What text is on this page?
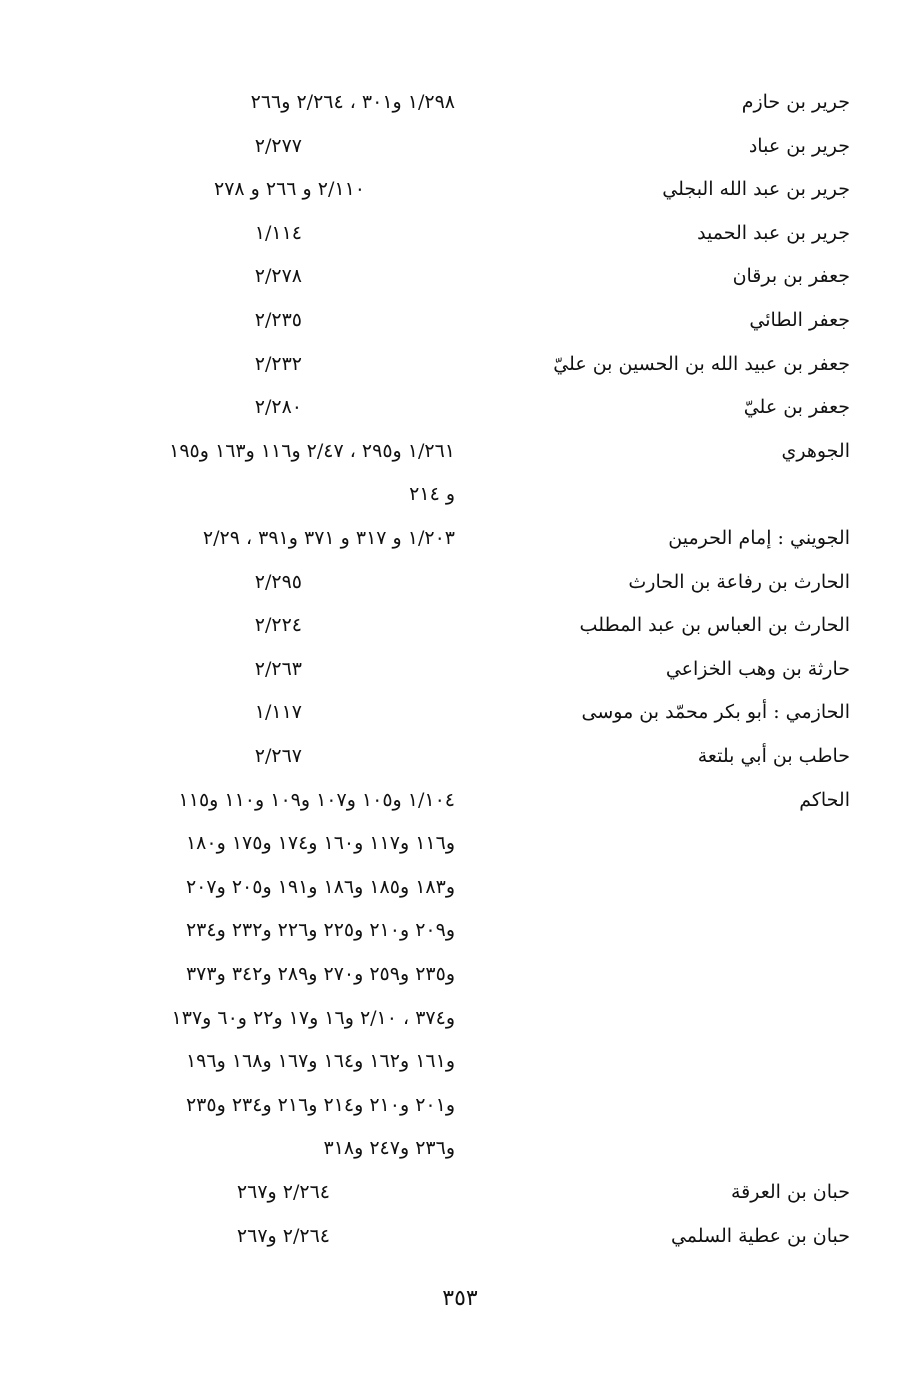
جرير بن حازم
١/٢٩٨ و٣٠١ ، ٢/٢٦٤ و٢٦٦
جرير بن عباد
٢/٢٧٧
جرير بن عبد الله البجلي
٢/١١٠ و ٢٦٦ و ٢٧٨
جرير بن عبد الحميد
١/١١٤
جعفر بن برقان
٢/٢٧٨
جعفر الطائي
٢/٢٣٥
جعفر بن عبيد الله بن الحسين بن عليّ
٢/٢٣٢
جعفر بن عليّ
٢/٢٨٠
الجوهري
١/٢٦١ و٢٩٥ ، ٢/٤٧ و١١٦ و١٦٣ و١٩٥
و ٢١٤
الجويني : إمام الحرمين
١/٢٠٣ و ٣١٧ و ٣٧١ و٣٩١ ، ٢/٢٩
الحارث بن رفاعة بن الحارث
٢/٢٩٥
الحارث بن العباس بن عبد المطلب
٢/٢٢٤
حارثة بن وهب الخزاعي
٢/٢٦٣
الحازمي : أبو بكر محمّد بن موسى
١/١١٧
حاطب بن أبي بلتعة
٢/٢٦٧
الحاكم
١/١٠٤ و١٠٥ و١٠٧ و١٠٩ و١١٠ و١١٥
و١١٦ و١١٧ و١٦٠ و١٧٤ و١٧٥ و١٨٠
و١٨٣ و١٨٥ و١٨٦ و١٩١ و٢٠٥ و٢٠٧
و٢٠٩ و٢١٠ و٢٢٥ و٢٢٦ و٢٣٢ و٢٣٤
و٢٣٥ و٢٥٩ و٢٧٠ و٢٨٩ و٣٤٢ و٣٧٣
و٣٧٤ ، ٢/١٠ و١٦ و١٧ و٢٢ و٦٠ و١٣٧
و١٦١ و١٦٢ و١٦٤ و١٦٧ و١٦٨ و١٩٦
و٢٠١ و٢١٠ و٢١٤ و٢١٦ و٢٣٤ و٢٣٥
و٢٣٦ و٢٤٧ و٣١٨
حبان بن العرقة
٢/٢٦٤ و٢٦٧
حبان بن عطية السلمي
٢/٢٦٤ و٢٦٧
٣٥٣
